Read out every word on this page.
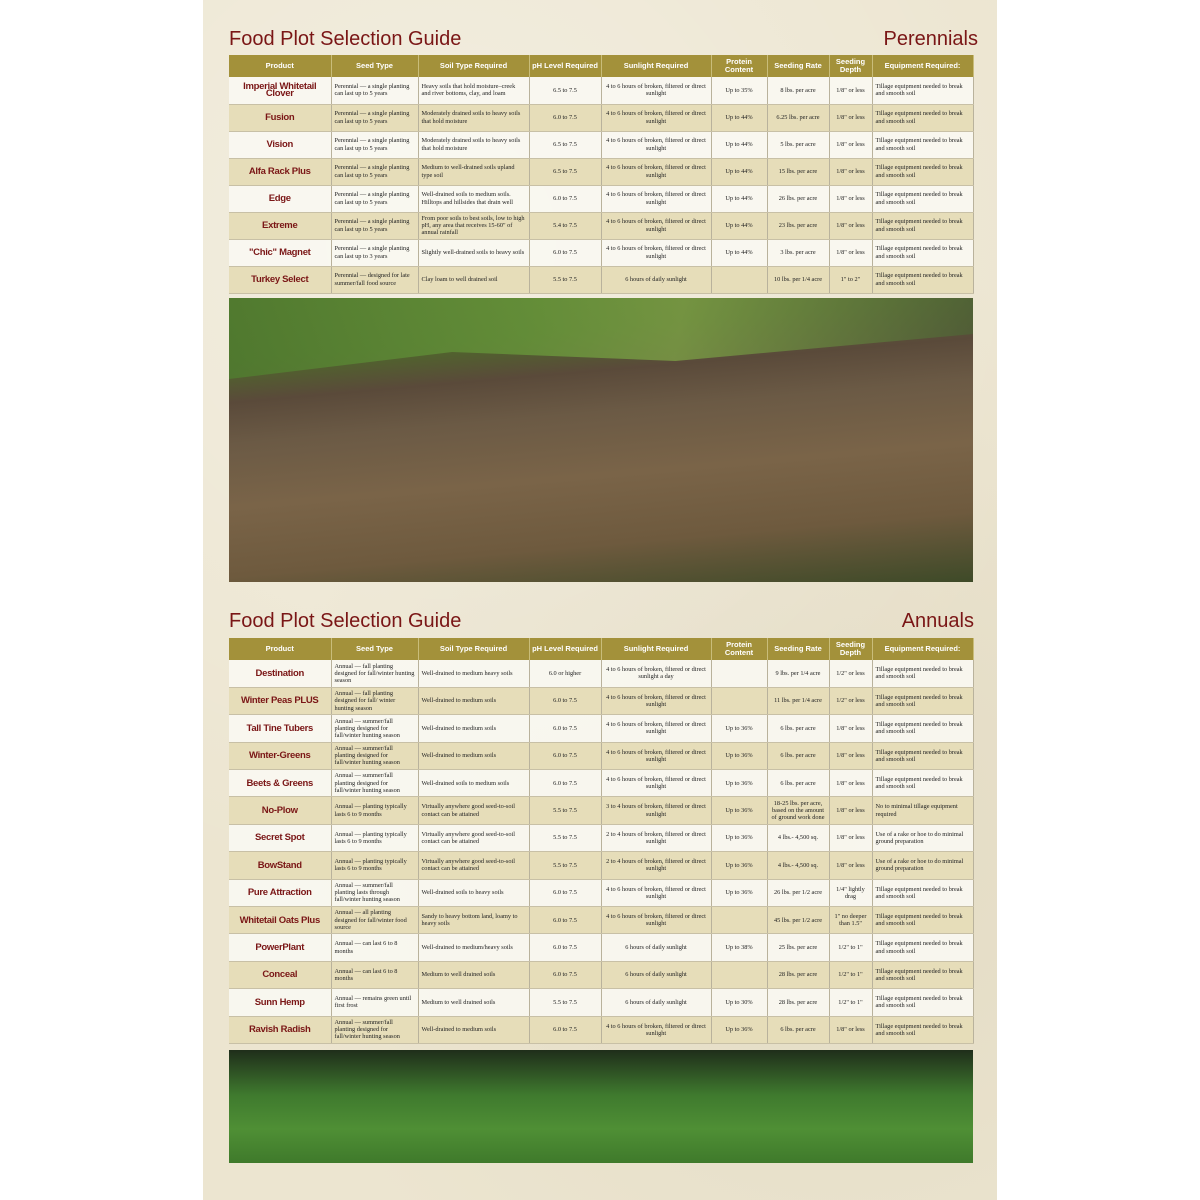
Food Plot Selection Guide	Perennials
Product	Seed Type	Soil Type Required	pH Level Required	Sunlight Required	Protein Content	Seeding Rate	Seeding Depth	Equipment Required:
Imperial Whitetail Clover	Perennial — a single planting can last up to 5 years	Heavy soils that hold moisture–creek and river bottoms, clay, and loam	6.5 to 7.5	4 to 6 hours of broken, filtered or direct sunlight	Up to 35%	8 lbs. per acre	1/8" or less	Tillage equipment needed to break and smooth soil
Fusion	Perennial — a single planting can last up to 5 years	Moderately drained soils to heavy soils that hold moisture	6.0 to 7.5	4 to 6 hours of broken, filtered or direct sunlight	Up to 44%	6.25 lbs. per acre	1/8" or less	Tillage equipment needed to break and smooth soil
Vision	Perennial — a single planting can last up to 5 years	Moderately drained soils to heavy soils that hold moisture	6.5 to 7.5	4 to 6 hours of broken, filtered or direct sunlight	Up to 44%	5 lbs. per acre	1/8" or less	Tillage equipment needed to break and smooth soil
Alfa Rack Plus	Perennial — a single planting can last up to 5 years	Medium to well-drained soils upland type soil	6.5 to 7.5	4 to 6 hours of broken, filtered or direct sunlight	Up to 44%	15 lbs. per acre	1/8" or less	Tillage equipment needed to break and smooth soil
Edge	Perennial — a single planting can last up to 5 years	Well-drained soils to medium soils. Hilltops and hillsides that drain well	6.0 to 7.5	4 to 6 hours of broken, filtered or direct sunlight	Up to 44%	26 lbs. per acre	1/8" or less	Tillage equipment needed to break and smooth soil
Extreme	Perennial — a single planting can last up to 5 years	From poor soils to best soils, low to high pH, any area that receives 15-60" of annual rainfall	5.4 to 7.5	4 to 6 hours of broken, filtered or direct sunlight	Up to 44%	23 lbs. per acre	1/8" or less	Tillage equipment needed to break and smooth soil
"Chic" Magnet	Perennial — a single planting can last up to 3 years	Slightly well-drained soils to heavy soils	6.0 to 7.5	4 to 6 hours of broken, filtered or direct sunlight	Up to 44%	3 lbs. per acre	1/8" or less	Tillage equipment needed to break and smooth soil
Turkey Select	Perennial — designed for late summer/fall food source	Clay loam to well drained soil	5.5 to 7.5	6 hours of daily sunlight		10 lbs. per 1/4 acre	1" to 2"	Tillage equipment needed to break and smooth soil
Food Plot Selection Guide	Annuals
Product	Seed Type	Soil Type Required	pH Level Required	Sunlight Required	Protein Content	Seeding Rate	Seeding Depth	Equipment Required:
Destination	Annual — fall planting designed for fall/winter hunting season	Well-drained to medium heavy soils	6.0 or higher	4 to 6 hours of broken, filtered or direct sunlight a day		9 lbs. per 1/4 acre	1/2" or less	Tillage equipment needed to break and smooth soil
Winter Peas PLUS	Annual — fall planting designed for fall/ winter hunting season	Well-drained to medium soils	6.0 to 7.5	4 to 6 hours of broken, filtered or direct sunlight		11 lbs. per 1/4 acre	1/2" or less	Tillage equipment needed to break and smooth soil
Tall Tine Tubers	Annual — summer/fall planting designed for fall/winter hunting season	Well-drained to medium soils	6.0 to 7.5	4 to 6 hours of broken, filtered or direct sunlight	Up to 36%	6 lbs. per acre	1/8" or less	Tillage equipment needed to break and smooth soil
Winter-Greens	Annual — summer/fall planting designed for fall/winter hunting season	Well-drained to medium soils	6.0 to 7.5	4 to 6 hours of broken, filtered or direct sunlight	Up to 36%	6 lbs. per acre	1/8" or less	Tillage equipment needed to break and smooth soil
Beets & Greens	Annual — summer/fall planting designed for fall/winter hunting season	Well-drained soils to medium soils	6.0 to 7.5	4 to 6 hours of broken, filtered or direct sunlight	Up to 36%	6 lbs. per acre	1/8" or less	Tillage equipment needed to break and smooth soil
No-Plow	Annual — planting typically lasts 6 to 9 months	Virtually anywhere good seed-to-soil contact can be attained	5.5 to 7.5	3 to 4 hours of broken, filtered or direct sunlight	Up to 36%	18-25 lbs. per acre, based on the amount of ground work done	1/8" or less	No to minimal tillage equipment required
Secret Spot	Annual — planting typically lasts 6 to 9 months	Virtually anywhere good seed-to-soil contact can be attained	5.5 to 7.5	2 to 4 hours of broken, filtered or direct sunlight	Up to 36%	4 lbs.- 4,500 sq.	1/8" or less	Use of a rake or hoe to do minimal ground preparation
BowStand	Annual — planting typically lasts 6 to 9 months	Virtually anywhere good seed-to-soil contact can be attained	5.5 to 7.5	2 to 4 hours of broken, filtered or direct sunlight	Up to 36%	4 lbs.- 4,500 sq.	1/8" or less	Use of a rake or hoe to do minimal ground preparation
Pure Attraction	Annual — summer/fall planting lasts through fall/winter hunting season	Well-drained soils to heavy soils	6.0 to 7.5	4 to 6 hours of broken, filtered or direct sunlight	Up to 36%	26 lbs. per 1/2 acre	1/4" lightly drag	Tillage equipment needed to break and smooth soil
Whitetail Oats Plus	Annual — all planting designed for fall/winter food source	Sandy to heavy bottom land, loamy to heavy soils	6.0 to 7.5	4 to 6 hours of broken, filtered or direct sunlight		45 lbs. per 1/2 acre	1" no deeper than 1.5"	Tillage equipment needed to break and smooth soil
PowerPlant	Annual — can last 6 to 8 months	Well-drained to medium/heavy soils	6.0 to 7.5	6 hours of daily sunlight	Up to 38%	25 lbs. per acre	1/2" to 1"	Tillage equipment needed to break and smooth soil
Conceal	Annual — can last 6 to 8 months	Medium to well drained soils	6.0 to 7.5	6 hours of daily sunlight		28 lbs. per acre	1/2" to 1"	Tillage equipment needed to break and smooth soil
Sunn Hemp	Annual — remains green until first frost	Medium to well drained soils	5.5 to 7.5	6 hours of daily sunlight	Up to 30%	28 lbs. per acre	1/2" to 1"	Tillage equipment needed to break and smooth soil
Ravish Radish	Annual — summer/fall planting designed for fall/winter hunting season	Well-drained to medium soils	6.0 to 7.5	4 to 6 hours of broken, filtered or direct sunlight	Up to 36%	6 lbs. per acre	1/8" or less	Tillage equipment needed to break and smooth soil
